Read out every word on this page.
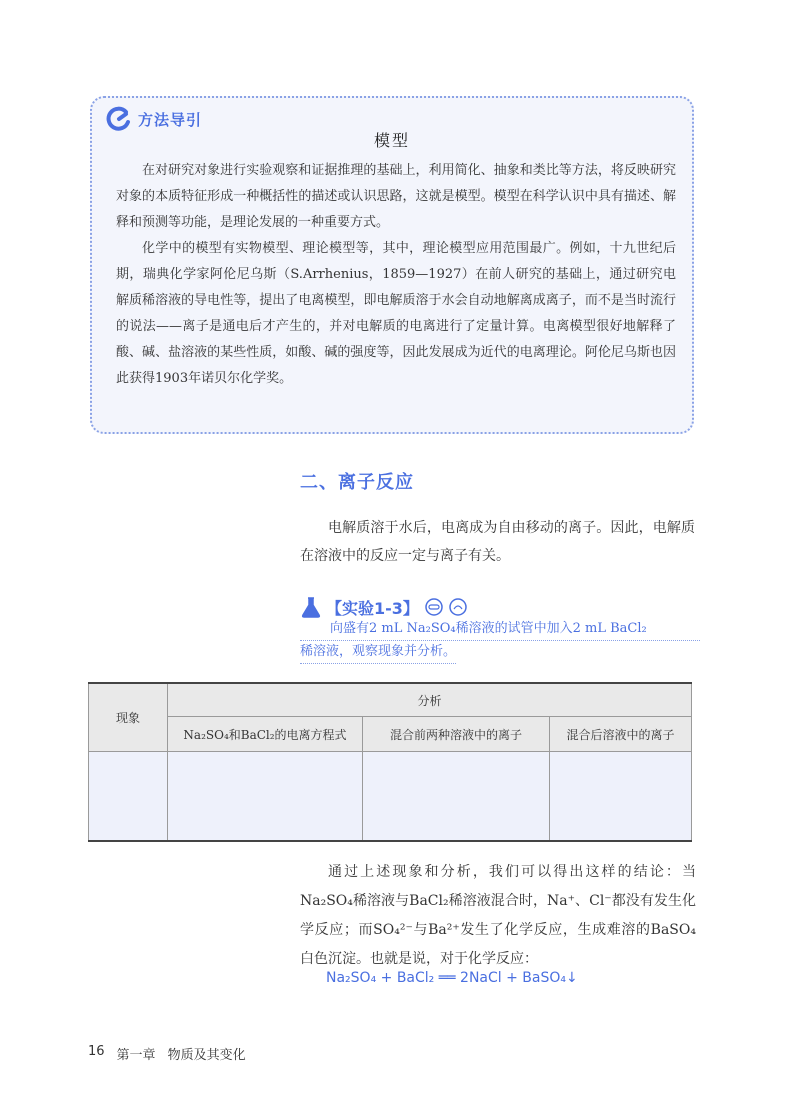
方法导引
模型

在对研究对象进行实验观察和证据推理的基础上，利用简化、抽象和类比等方法，将反映研究对象的本质特征形成一种概括性的描述或认识思路，这就是模型。模型在科学认识中具有描述、解释和预测等功能，是理论发展的一种重要方式。

化学中的模型有实物模型、理论模型等，其中，理论模型应用范围最广。例如，十九世纪后期，瑞典化学家阿伦尼乌斯（S.Arrhenius，1859—1927）在前人研究的基础上，通过研究电解质稀溶液的导电性等，提出了电离模型，即电解质溶于水会自动地解离成离子，而不是当时流行的说法——离子是通电后才产生的，并对电解质的电离进行了定量计算。电离模型很好地解释了酸、碱、盐溶液的某些性质，如酸、碱的强度等，因此发展成为近代的电离理论。阿伦尼乌斯也因此获得1903年诺贝尔化学奖。

二、离子反应

电解质溶于水后，电离成为自由移动的离子。因此，电解质在溶液中的反应一定与离子有关。

【实验1-3】
向盛有2 mL Na₂SO₄稀溶液的试管中加入2 mL BaCl₂
稀溶液，观察现象并分析。
现象	分析		
	Na₂SO₄和BaCl₂的电离方程式	混合前两种溶液中的离子	混合后溶液中的离子

通过上述现象和分析，我们可以得出这样的结论：当Na₂SO₄稀溶液与BaCl₂稀溶液混合时，Na⁺、Cl⁻都没有发生化学反应；而SO₄²⁻与Ba²⁺发生了化学反应，生成难溶的BaSO₄白色沉淀。也就是说，对于化学反应：

Na₂SO₄ + BaCl₂ ══ 2NaCl + BaSO₄↓
16 第一章 物质及其变化
